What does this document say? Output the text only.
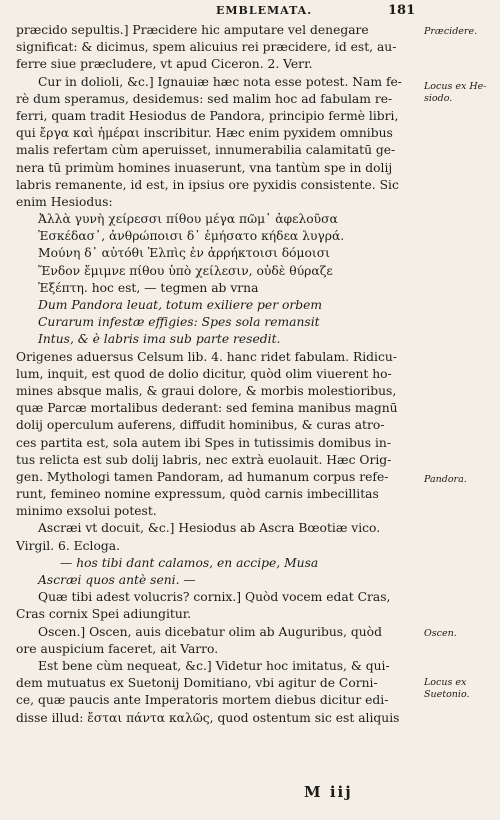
EMBLEMATA.	181
præcido sepultis.] Præcidere hic amputare vel denegare
significat: & dicimus, spem alicuius rei præcidere, id est, au-
ferre siue præcludere, vt apud Ciceron. 2. Verr.
Cur in dolioli, &c.] Ignauiæ hæc nota esse potest. Nam fe-
rè dum speramus, desidemus: sed malim hoc ad fabulam re-
ferri, quam tradit Hesiodus de Pandora, principio fermè libri,
qui ἔργα καὶ ἡμέραι inscribitur. Hæc enim pyxidem omnibus
malis refertam cùm aperuisset, innumerabilia calamitatū ge-
nera tū primùm homines inuaserunt, vna tantùm spe in dolij
labris remanente, id est, in ipsius ore pyxidis consistente. Sic
enim Hesiodus:
Ἀλλὰ γυνὴ χείρεσσι πίθου μέγα πῶμ᾽ ἀφελοῦσα
Ἐσκέδασ᾽, ἀνθρώποισι δ᾽ ἐμήσατο κήδεα λυγρά.
Μούνη δ᾽ αὐτόθι Ἐλπὶς ἐν ἀρρήκτοισι δόμοισι
Ἔνδον ἔμιμνε πίθου ὑπὸ χείλεσιν, οὐδὲ θύραζε
Ἐξέπτη. hoc est, — tegmen ab vrna
Dum Pandora leuat, totum exiliere per orbem
Curarum infestæ effigies: Spes sola remansit
Intus, & è labris ima sub parte resedit.
Origenes aduersus Celsum lib. 4. hanc ridet fabulam. Ridicu-
lum, inquit, est quod de dolio dicitur, quòd olim viuerent ho-
mines absque malis, & graui dolore, & morbis molestioribus,
quæ Parcæ mortalibus dederant: sed femina manibus magnū
dolij operculum auferens, diffudit hominibus, & curas atro-
ces partita est, sola autem ibi Spes in tutissimis domibus in-
tus relicta est sub dolij labris, nec extrà euolauit. Hæc Orig-
gen. Mythologi tamen Pandoram, ad humanum corpus refe-
runt, femineo nomine expressum, quòd carnis imbecillitas
minimo exsolui potest.
Ascræi vt docuit, &c.] Hesiodus ab Ascra Bœotiæ vico.
Virgil. 6. Ecloga.
— hos tibi dant calamos, en accipe, Musa
Ascræi quos antè seni. —
Quæ tibi adest volucris? cornix.] Quòd vocem edat Cras,
Cras cornix Spei adiungitur.
Oscen.] Oscen, auis dicebatur olim ab Auguribus, quòd
ore auspicium faceret, ait Varro.
Est bene cùm nequeat, &c.] Videtur hoc imitatus, & qui-
dem mutuatus ex Suetonij Domitiano, vbi agitur de Corni-
ce, quæ paucis ante Imperatoris mortem diebus dicitur edi-
disse illud: ἔσται πάντα καλῶς, quod ostentum sic est aliquis
Præcidere.
Locus ex He-
siodo.
Pandora.
Oscen.
Locus ex
Suetonio.
M iij
